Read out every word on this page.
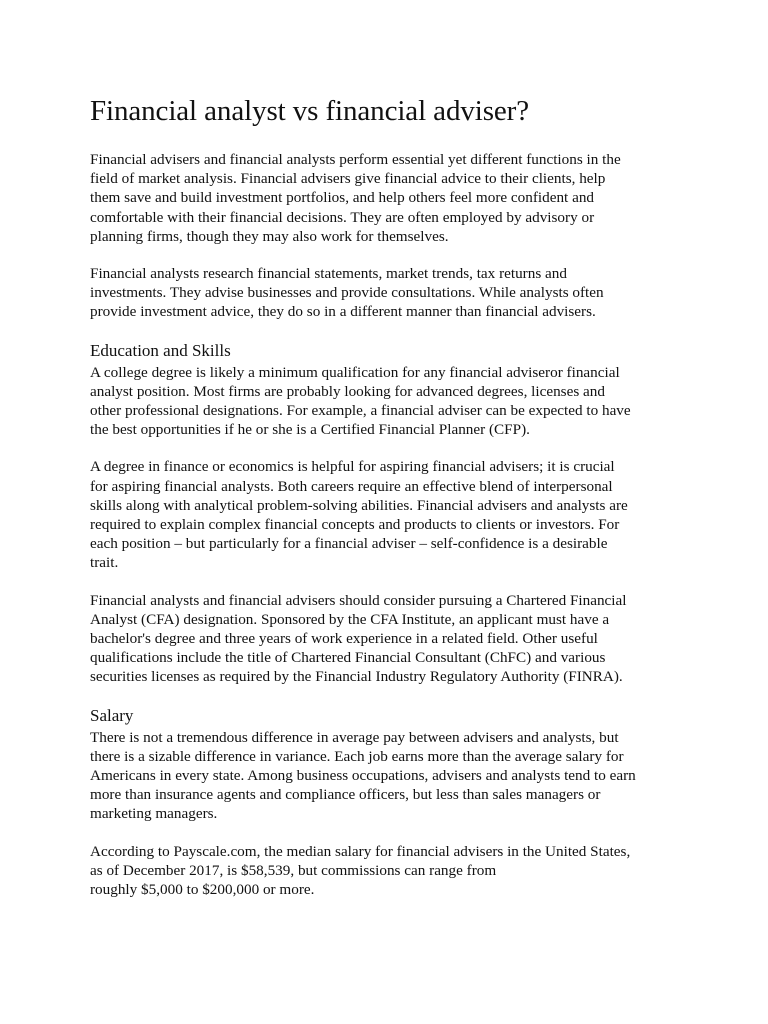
Financial analyst vs financial adviser?

Financial advisers and financial analysts perform essential yet different functions in the
field of market analysis. Financial advisers give financial advice to their clients, help
them save and build investment portfolios, and help others feel more confident and
comfortable with their financial decisions. They are often employed by advisory or
planning firms, though they may also work for themselves.

Financial analysts research financial statements, market trends, tax returns and
investments. They advise businesses and provide consultations. While analysts often
provide investment advice, they do so in a different manner than financial advisers.

Education and Skills

A college degree is likely a minimum qualification for any financial adviseror financial
analyst position. Most firms are probably looking for advanced degrees, licenses and
other professional designations. For example, a financial adviser can be expected to have
the best opportunities if he or she is a Certified Financial Planner (CFP).

A degree in finance or economics is helpful for aspiring financial advisers; it is crucial
for aspiring financial analysts. Both careers require an effective blend of interpersonal
skills along with analytical problem-solving abilities. Financial advisers and analysts are
required to explain complex financial concepts and products to clients or investors. For
each position – but particularly for a financial adviser – self-confidence is a desirable
trait.

Financial analysts and financial advisers should consider pursuing a Chartered Financial
Analyst (CFA) designation. Sponsored by the CFA Institute, an applicant must have a
bachelor's degree and three years of work experience in a related field. Other useful
qualifications include the title of Chartered Financial Consultant (ChFC) and various
securities licenses as required by the Financial Industry Regulatory Authority (FINRA).

Salary

There is not a tremendous difference in average pay between advisers and analysts, but
there is a sizable difference in variance. Each job earns more than the average salary for
Americans in every state. Among business occupations, advisers and analysts tend to earn
more than insurance agents and compliance officers, but less than sales managers or
marketing managers.

According to Payscale.com, the median salary for financial advisers in the United States,
as of December 2017, is $58,539, but commissions can range from
roughly $5,000 to $200,000 or more.
